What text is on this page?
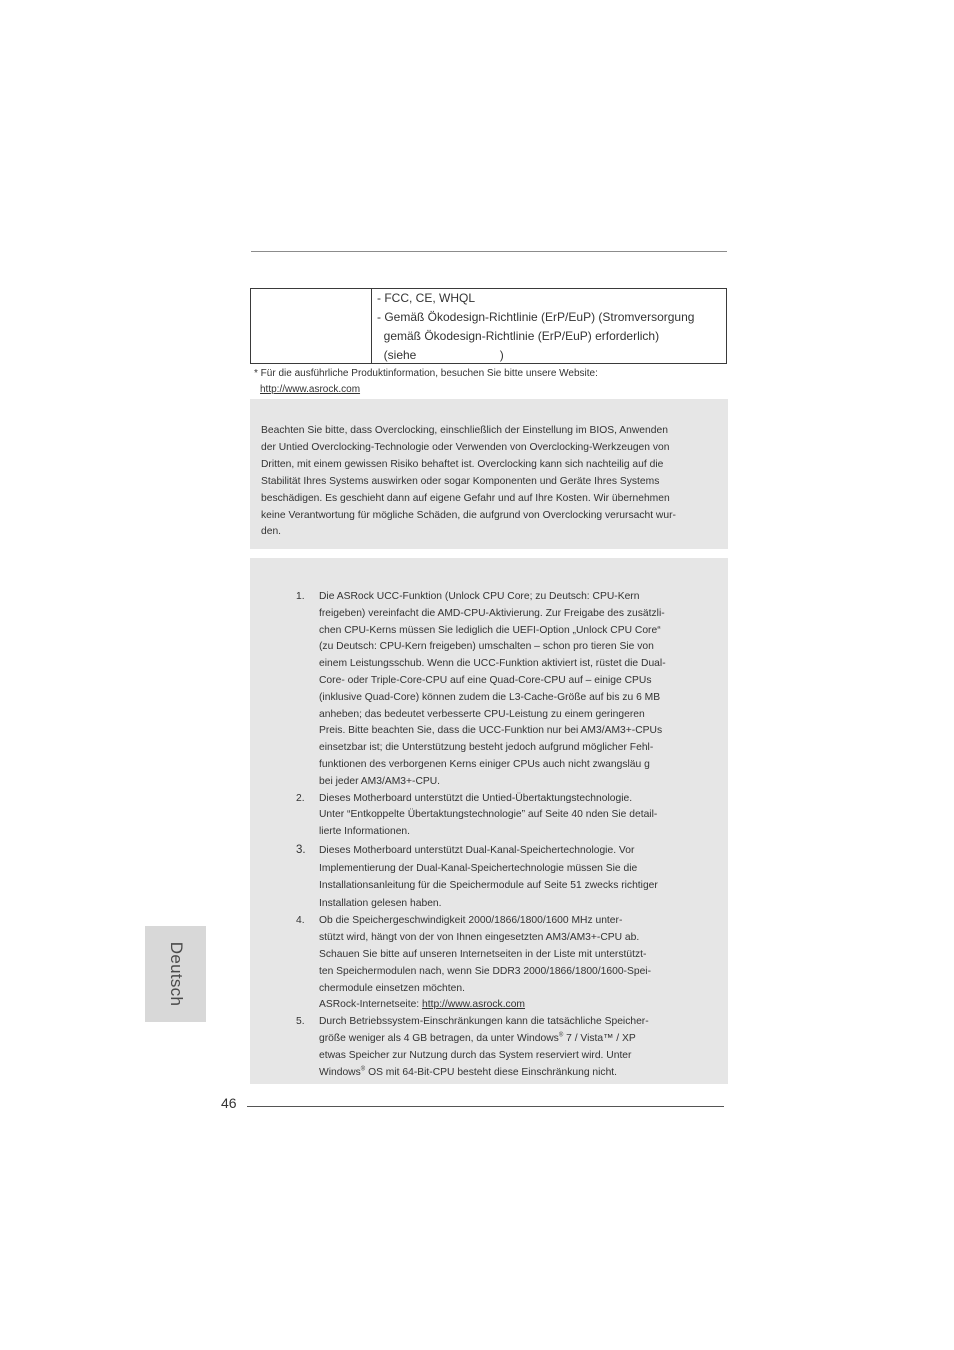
- FCC, CE, WHQL
- Gemäß Ökodesign-Richtlinie (ErP/EuP) (Stromversorgung
gemäß Ökodesign-Richtlinie (ErP/EuP) erforderlich)
(siehe                         )
* Für die ausführliche Produktinformation, besuchen Sie bitte unsere Website:
http://www.asrock.com
Beachten Sie bitte, dass Overclocking, einschließlich der Einstellung im BIOS, Anwenden
der Untied Overclocking-Technologie oder Verwenden von Overclocking-Werkzeugen von
Dritten, mit einem gewissen Risiko behaftet ist. Overclocking kann sich nachteilig auf die
Stabilität Ihres Systems auswirken oder sogar Komponenten und Geräte Ihres Systems
beschädigen. Es geschieht dann auf eigene Gefahr und auf Ihre Kosten. Wir übernehmen
keine Verantwortung für mögliche Schäden, die aufgrund von Overclocking verursacht wur-
den.
1. Die ASRock UCC-Funktion (Unlock CPU Core; zu Deutsch: CPU-Kern
freigeben) vereinfacht die AMD-CPU-Aktivierung. Zur Freigabe des zusätzli-
chen CPU-Kerns müssen Sie lediglich die UEFI-Option „Unlock CPU Core“
(zu Deutsch: CPU-Kern freigeben) umschalten – schon pro tieren Sie von
einem Leistungsschub. Wenn die UCC-Funktion aktiviert ist, rüstet die Dual-
Core- oder Triple-Core-CPU auf eine Quad-Core-CPU auf – einige CPUs
(inklusive Quad-Core) können zudem die L3-Cache-Größe auf bis zu 6 MB
anheben; das bedeutet verbesserte CPU-Leistung zu einem geringeren
Preis. Bitte beachten Sie, dass die UCC-Funktion nur bei AM3/AM3+-CPUs
einsetzbar ist; die Unterstützung besteht jedoch aufgrund möglicher Fehl-
funktionen des verborgenen Kerns einiger CPUs auch nicht zwangsläu g
bei jeder AM3/AM3+-CPU.
2. Dieses Motherboard unterstützt die Untied-Übertaktungstechnologie.
Unter “Entkoppelte Übertaktungstechnologie” auf Seite 40 nden Sie detail-
lierte Informationen.
3. Dieses Motherboard unterstützt Dual-Kanal-Speichertechnologie. Vor
Implementierung der Dual-Kanal-Speichertechnologie müssen Sie die
Installationsanleitung für die Speichermodule auf Seite 51 zwecks richtiger
Installation gelesen haben.
4. Ob die Speichergeschwindigkeit 2000/1866/1800/1600 MHz unter-
stützt wird, hängt von der von Ihnen eingesetzten AM3/AM3+-CPU ab.
Schauen Sie bitte auf unseren Internetseiten in der Liste mit unterstützt-
ten Speichermodulen nach, wenn Sie DDR3 2000/1866/1800/1600-Spei-
chermodule einsetzen möchten.
ASRock-Internetseite: http://www.asrock.com
5. Durch Betriebssystem-Einschränkungen kann die tatsächliche Speicher-
größe weniger als 4 GB betragen, da unter Windows® 7 / Vista™ / XP
etwas Speicher zur Nutzung durch das System reserviert wird. Unter
Windows® OS mit 64-Bit-CPU besteht diese Einschränkung nicht.
Deutsch
46
